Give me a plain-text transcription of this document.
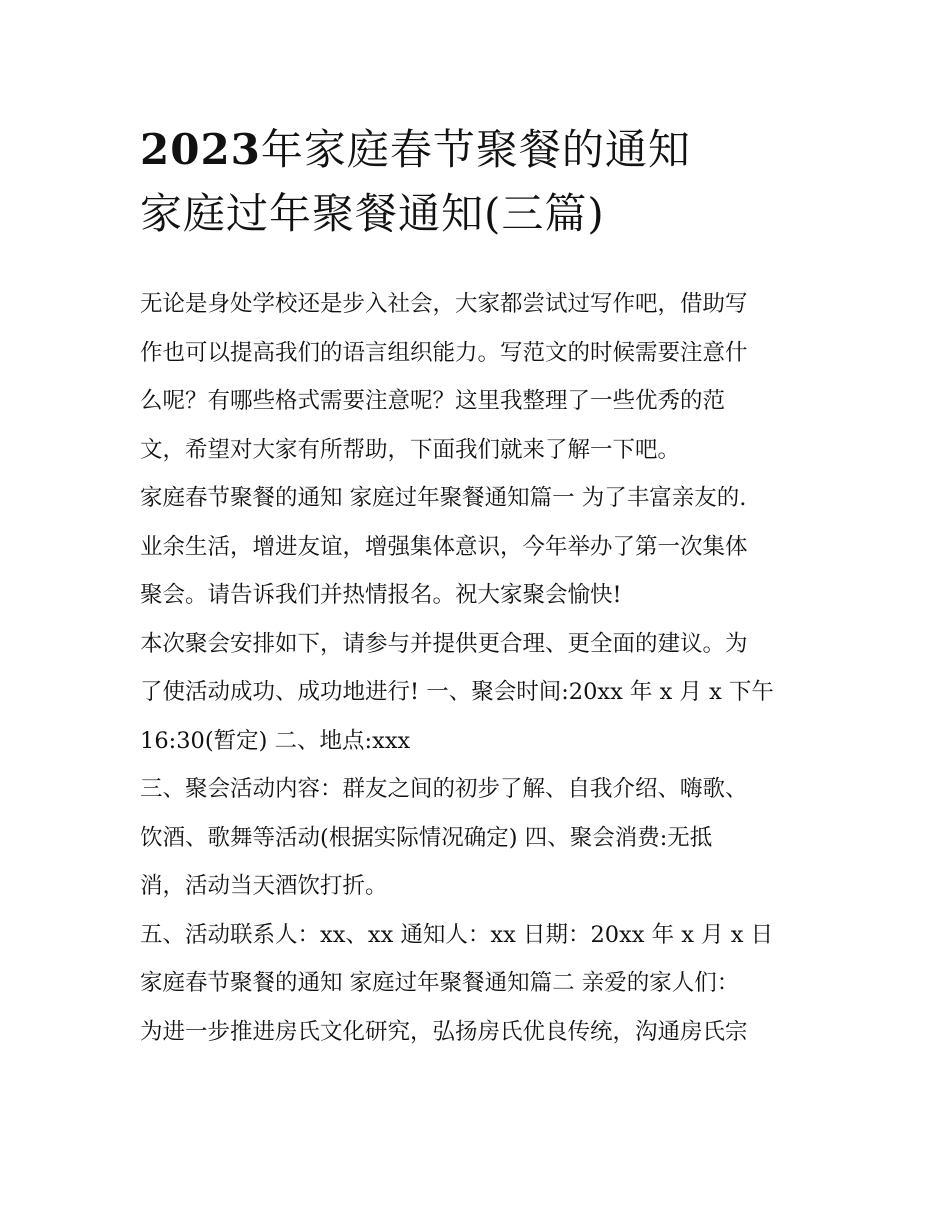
2023年家庭春节聚餐的通知
家庭过年聚餐通知(三篇)
无论是身处学校还是步入社会，大家都尝试过写作吧，借助写
作也可以提高我们的语言组织能力。写范文的时候需要注意什
么呢？有哪些格式需要注意呢？这里我整理了一些优秀的范
文，希望对大家有所帮助，下面我们就来了解一下吧。
家庭春节聚餐的通知 家庭过年聚餐通知篇一 为了丰富亲友的.
业余生活，增进友谊，增强集体意识，今年举办了第一次集体
聚会。请告诉我们并热情报名。祝大家聚会愉快!
本次聚会安排如下，请参与并提供更合理、更全面的建议。为
了使活动成功、成功地进行! 一、聚会时间:20xx 年 x 月 x 下午
16:30(暂定) 二、地点:xxx
三、聚会活动内容：群友之间的初步了解、自我介绍、嗨歌、
饮酒、歌舞等活动(根据实际情况确定) 四、聚会消费:无抵
消，活动当天酒饮打折。
五、活动联系人：xx、xx 通知人：xx 日期：20xx 年 x 月 x 日
家庭春节聚餐的通知 家庭过年聚餐通知篇二 亲爱的家人们：
为进一步推进房氏文化研究，弘扬房氏优良传统，沟通房氏宗
